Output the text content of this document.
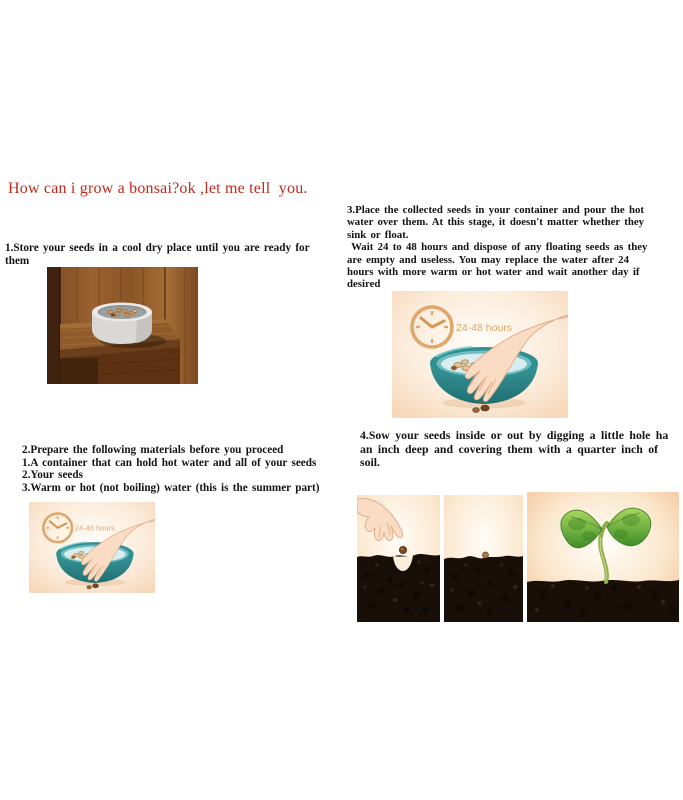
How can i grow a bonsai?ok ,let me tell  you.
1.Store your seeds in a cool dry place until you are ready for
them
2.Prepare the following materials before you proceed
1.A container that can hold hot water and all of your seeds
2.Your seeds
3.Warm or hot (not boiling) water (this is the summer part)
24-48 hours
3.Place the collected seeds in your container and pour the hot
water over them. At this stage, it doesn't matter whether they
sink or float.
Wait 24 to 48 hours and dispose of any floating seeds as they
are empty and useless. You may replace the water after 24
hours with more warm or hot water and wait another day if
desired
24-48 hours
4.Sow your seeds inside or out by digging a little hole ha
an inch deep and covering them with a quarter inch of
soil.
